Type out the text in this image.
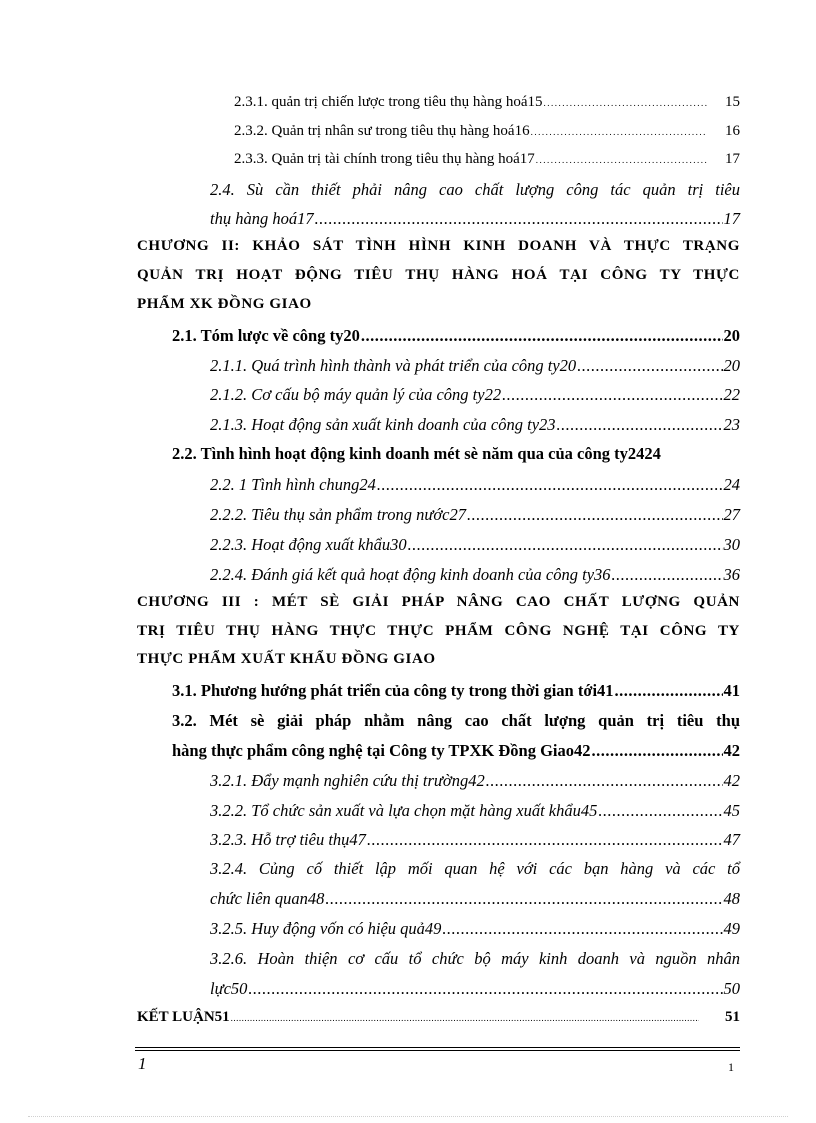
2.3.1. quản trị chiến lược trong tiêu thụ hàng hoá15 .....	15
2.3.2. Quản trị nhân sư trong tiêu thụ hàng hoá16 .....	16
2.3.3. Quản trị tài chính trong tiêu thụ hàng hoá17 .....	17
2.4. Sù cần thiết phải nâng cao chất lượng công tác quản trị tiêu
thụ hàng hoá17 .....	17
CHƯƠNG II: KHẢO SÁT TÌNH HÌNH KINH DOANH VÀ THỰC TRẠNG
QUẢN TRỊ HOẠT ĐỘNG TIÊU THỤ HÀNG HOÁ TẠI CÔNG TY THỰC
PHẨM XK ĐỒNG GIAO
2.1. Tóm lược về công ty20 .....	20
2.1.1. Quá trình hình thành và phát triển của công ty20 .....	20
2.1.2. Cơ cấu bộ máy quản lý của công ty22 .....	22
2.1.3. Hoạt động sản xuất kinh doanh của công ty23 .....	23
2.2. Tình hình hoạt động kinh doanh mét sè năm qua của công ty2424
2.2. 1 Tình hình chung24 .....	24
2.2.2. Tiêu thụ sản phẩm trong nước27 .....	27
2.2.3. Hoạt động xuất khẩu30 .....	30
2.2.4. Đánh giá kết quả hoạt động kinh doanh của công ty36 .....	36
CHƯƠNG III : MÉT SÈ GIẢI PHÁP NÂNG CAO CHẤT LƯỢNG QUẢN
TRỊ TIÊU THỤ HÀNG THỰC THỰC PHẨM CÔNG NGHỆ TẠI CÔNG TY
THỰC PHẨM XUẤT KHẨU ĐỒNG GIAO
3.1. Phương hướng phát triển của công ty trong thời gian tới41 .....	41
3.2. Mét sè giải pháp nhằm nâng cao chất lượng quản trị tiêu thụ
hàng thực phẩm công nghệ tại Công ty TPXK Đồng Giao42 .....	42
3.2.1. Đẩy mạnh nghiên cứu thị trường42 .....	42
3.2.2. Tổ chức sản xuất và lựa chọn mặt hàng xuất khẩu45 .....	45
3.2.3. Hỗ trợ tiêu thụ47 .....	47
3.2.4. Củng cố thiết lập mối quan hệ với các bạn hàng và các tổ
chức liên quan48 .....	48
3.2.5. Huy động vốn có hiệu quả49 .....	49
3.2.6. Hoàn thiện cơ cấu tổ chức bộ máy kinh doanh và nguồn nhân
lực50 .....	50
KẾT LUẬN51 .....	51
1	1
